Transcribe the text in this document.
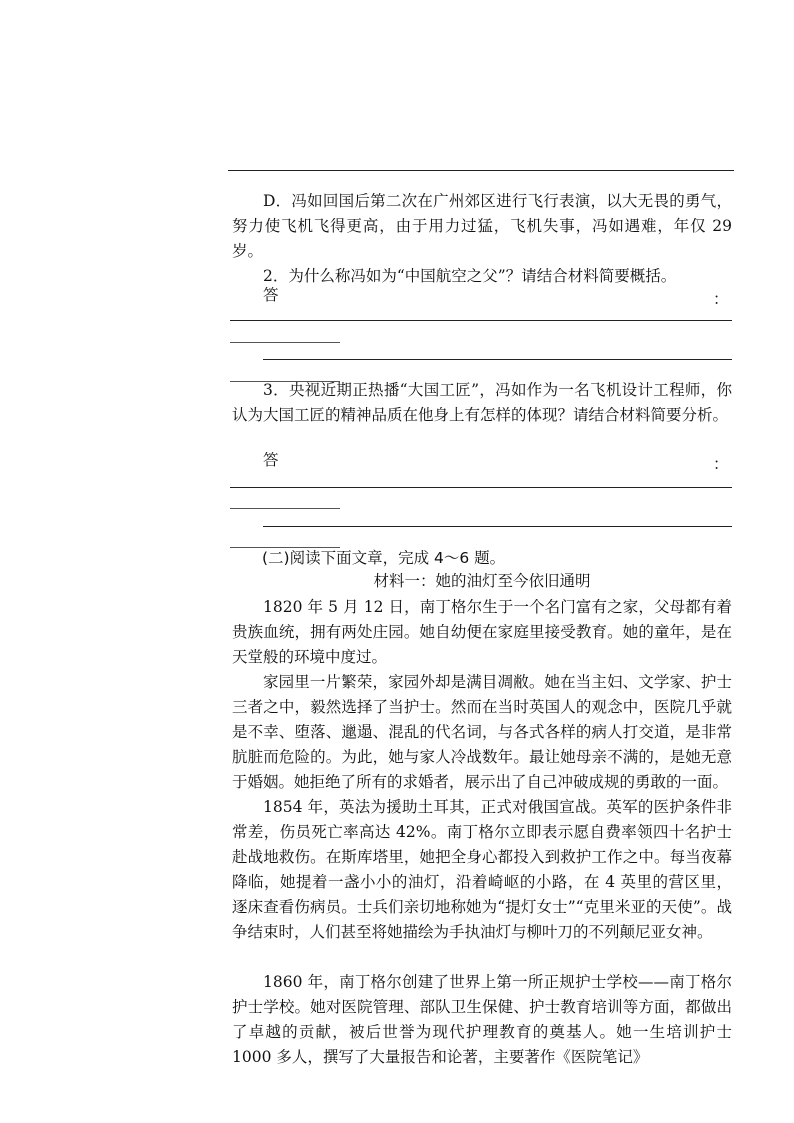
D．冯如回国后第二次在广州郊区进行飞行表演，以大无畏的勇气，努力使飞机飞得更高，由于用力过猛，飞机失事，冯如遇难，年仅 29 岁。
2．为什么称冯如为“中国航空之父”？请结合材料简要概括。
答	：
3．央视近期正热播“大国工匠”，冯如作为一名飞机设计工程师，你认为大国工匠的精神品质在他身上有怎样的体现？请结合材料简要分析。
答	：
(二)阅读下面文章，完成 4～6 题。
材料一：她的油灯至今依旧通明
1820 年 5 月 12 日，南丁格尔生于一个名门富有之家，父母都有着贵族血统，拥有两处庄园。她自幼便在家庭里接受教育。她的童年，是在天堂般的环境中度过。
家园里一片繁荣，家园外却是满目凋敝。她在当主妇、文学家、护士三者之中，毅然选择了当护士。然而在当时英国人的观念中，医院几乎就是不幸、堕落、邋遢、混乱的代名词，与各式各样的病人打交道，是非常肮脏而危险的。为此，她与家人冷战数年。最让她母亲不满的，是她无意于婚姻。她拒绝了所有的求婚者，展示出了自己冲破成规的勇敢的一面。
1854 年，英法为援助土耳其，正式对俄国宣战。英军的医护条件非常差，伤员死亡率高达 42%。南丁格尔立即表示愿自费率领四十名护士赴战地救伤。在斯库塔里，她把全身心都投入到救护工作之中。每当夜幕降临，她提着一盏小小的油灯，沿着崎岖的小路，在 4 英里的营区里，逐床查看伤病员。士兵们亲切地称她为“提灯女士”“克里米亚的天使”。战争结束时，人们甚至将她描绘为手执油灯与柳叶刀的不列颠尼亚女神。
1860 年，南丁格尔创建了世界上第一所正规护士学校——南丁格尔护士学校。她对医院管理、部队卫生保健、护士教育培训等方面，都做出了卓越的贡献，被后世誉为现代护理教育的奠基人。她一生培训护士 1000 多人，撰写了大量报告和论著，主要著作《医院笔记》
